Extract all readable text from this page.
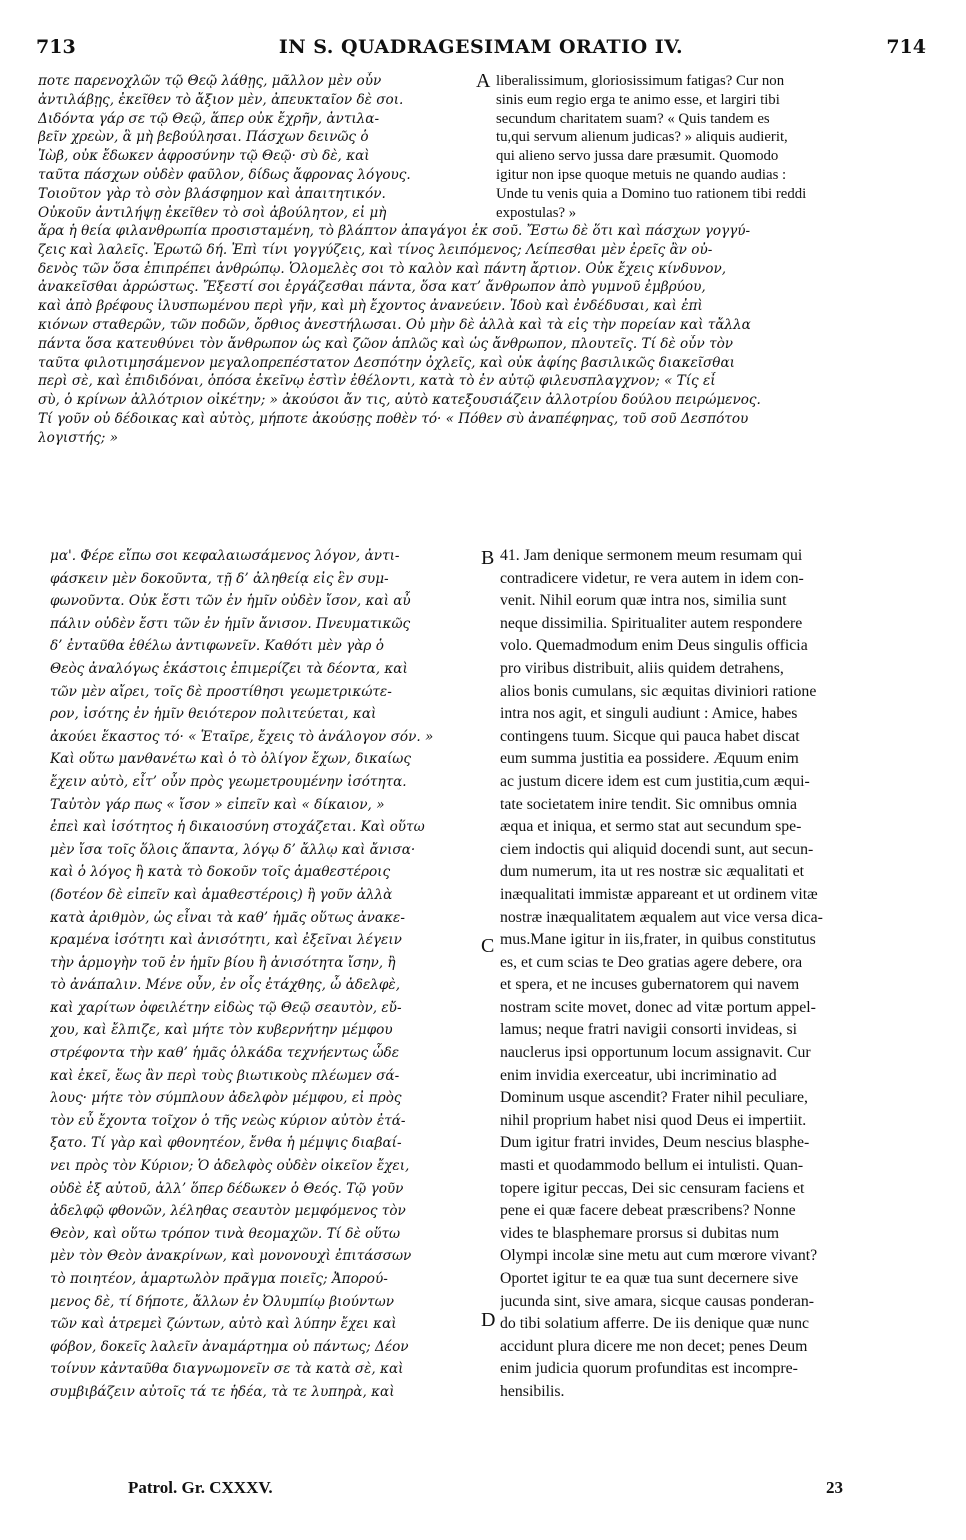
713	IN S. QUADRAGESIMAM ORATIO IV.	714
ποτε παρενοχλῶν τῷ Θεῷ λάθῃς, μᾶλλον μὲν οὖν
ἀντιλάβῃς, ἐκεῖθεν τὸ ἄξιον μὲν, ἀπευκταῖον δὲ σοι.
Διδόντα γάρ σε τῷ Θεῷ, ἅπερ οὐκ ἔχρῆν, ἀντιλα-
βεῖν χρεὼν, ἃ μὴ βεβούλησαι. Πάσχων δεινῶς ὁ
Ἰὼβ, οὐκ ἔδωκεν ἀφροσύνην τῷ Θεῷ· σὺ δὲ, καὶ
ταῦτα πάσχων οὐδὲν φαῦλον, δίδως ἄφρονας λόγους.
Τοιοῦτον γὰρ τὸ σὸν βλάσφημον καὶ ἀπαιτητικόν.
Οὐκοῦν ἀντιλήψῃ ἐκεῖθεν τὸ σοὶ ἀβούλητον, εἰ μὴ
liberalissimum, gloriosissimum fatigas? Cur non
sinis eum regio erga te animo esse, et largiri tibi
secundum charitatem suam? « Quis tandem es
tu,qui servum alienum judicas? » aliquis audierit,
qui alieno servo jussa dare præsumit. Quomodo
igitur non ipse quoque metuis ne quando audias :
Unde tu venis quia a Domino tuo rationem tibi reddi
expostulas? »
ἄρα ἡ θεία φιλανθρωπία προσισταμένη, τὸ βλάπτον ἀπαγάγοι ἐκ σοῦ. Ἔστω δὲ ὅτι καὶ πάσχων γογγύ-
ζεις καὶ λαλεῖς. Ἐρωτῶ δή. Ἐπὶ τίνι γογγύζεις, καὶ τίνος λειπόμενος; Λείπεσθαι μὲν ἐρεῖς ἂν οὐ-
δενὸς τῶν ὅσα ἐπιπρέπει ἀνθρώπῳ. Ὁλομελὲς σοι τὸ καλὸν καὶ πάντη ἄρτιον. Οὐκ ἔχεις κίνδυνον,
ἀνακεῖσθαι ἀρρώστως. Ἔξεστί σοι ἐργάζεσθαι πάντα, ὅσα κατ’ ἄνθρωπον ἀπὸ γυμνοῦ ἐμβρύου,
καὶ ἀπὸ βρέφους ἰλυσπωμένου περὶ γῆν, καὶ μὴ ἔχοντος ἀνανεύειν. Ἰδοὺ καὶ ἐνδέδυσαι, καὶ ἐπὶ
κιόνων σταθερῶν, τῶν ποδῶν, ὄρθιος ἀνεστήλωσαι. Οὐ μὴν δὲ ἀλλὰ καὶ τὰ εἰς τὴν πορείαν καὶ τἄλλα
πάντα ὅσα κατευθύνει τὸν ἄνθρωπον ὡς καὶ ζῶον ἁπλῶς καὶ ὡς ἄνθρωπον, πλουτεῖς. Τί δὲ οὖν τὸν
ταῦτα φιλοτιμησάμενον μεγαλοπρεπέστατον Δεσπότην ὀχλεῖς, καὶ οὐκ ἀφίης βασιλικῶς διακεῖσθαι
περὶ σὲ, καὶ ἐπιδιδόναι, ὁπόσα ἐκεῖνῳ ἐστὶν ἐθέλοντι, κατὰ τὸ ἐν αὐτῷ φιλευσπλαγχνον; « Τίς εἶ
σὺ, ὁ κρίνων ἀλλότριον οἰκέτην; » ἀκούσοι ἄν τις, αὐτὸ κατεξουσιάζειν ἀλλοτρίου δούλου πειρώμενος.
Τί γοῦν οὐ δέδοικας καὶ αὐτὸς, μήποτε ἀκούσῃς ποθὲν τό· « Πόθεν σὺ ἀναπέφηνας, τοῦ σοῦ Δεσπότου
λογιστής; »
μα'. Φέρε εἴπω σοι κεφαλαιωσάμενος λόγον, ἀντι-
φάσκειν μὲν δοκοῦντα, τῇ δ’ ἀληθείᾳ εἰς ἓν συμ-
φωνοῦντα. Οὐκ ἔστι τῶν ἐν ἡμῖν οὐδὲν ἴσον, καὶ αὖ
πάλιν οὐδὲν ἔστι τῶν ἐν ἡμῖν ἄνισον. Πνευματικῶς
δ’ ἐνταῦθα ἐθέλω ἀντιφωνεῖν. Καθότι μὲν γὰρ ὁ
Θεὸς ἀναλόγως ἑκάστοις ἐπιμερίζει τὰ δέοντα, καὶ
τῶν μὲν αἴρει, τοῖς δὲ προστίθησι γεωμετρικώτε-
ρον, ἰσότης ἐν ἡμῖν θειότερον πολιτεύεται, καὶ
ἀκούει ἕκαστος τό· « Ἑταῖρε, ἔχεις τὸ ἀνάλογον σόν. »
Καὶ οὕτω μανθανέτω καὶ ὁ τὸ ὀλίγον ἔχων, δικαίως
ἔχειν αὐτὸ, εἶτ’ οὖν πρὸς γεωμετρουμένην ἰσότητα.
Ταὐτὸν γάρ πως « ἴσον » εἰπεῖν καὶ « δίκαιον, »
ἐπεὶ καὶ ἰσότητος ἡ δικαιοσύνη στοχάζεται. Καὶ οὕτω
μὲν ἴσα τοῖς ὅλοις ἅπαντα, λόγῳ δ’ ἄλλῳ καὶ ἄνισα·
καὶ ὁ λόγος ἢ κατὰ τὸ δοκοῦν τοῖς ἀμαθεστέροις
(δοτέον δὲ εἰπεῖν καὶ ἀμαθεστέροις) ἢ γοῦν ἀλλὰ
κατὰ ἀριθμὸν, ὡς εἶναι τὰ καθ’ ἡμᾶς οὕτως ἀνακε-
κραμένα ἰσότητι καὶ ἀνισότητι, καὶ ἐξεῖναι λέγειν
τὴν ἁρμογὴν τοῦ ἐν ἡμῖν βίου ἢ ἀνισότητα ἴσην, ἢ
τὸ ἀνάπαλιν. Μένε οὖν, ἐν οἷς ἐτάχθης, ὦ ἀδελφὲ,
καὶ χαρίτων ὀφειλέτην εἰδὼς τῷ Θεῷ σεαυτὸν, εὔ-
χου, καὶ ἔλπιζε, καὶ μήτε τὸν κυβερνήτην μέμφου
στρέφοντα τὴν καθ’ ἡμᾶς ὁλκάδα τεχνήεντως ὧδε
καὶ ἐκεῖ, ἕως ἂν περὶ τοὺς βιωτικοὺς πλέωμεν σά-
λους· μήτε τὸν σύμπλουν ἀδελφὸν μέμφου, εἰ πρὸς
τὸν εὖ ἔχοντα τοῖχον ὁ τῆς νεὼς κύριον αὐτὸν ἐτά-
ξατο. Τί γὰρ καὶ φθονητέον, ἔνθα ἡ μέμψις διαβαί-
νει πρὸς τὸν Κύριον; Ὁ ἀδελφὸς οὐδὲν οἰκεῖον ἔχει,
οὐδὲ ἐξ αὐτοῦ, ἀλλ’ ὅπερ δέδωκεν ὁ Θεός. Τῷ γοῦν
ἀδελφῷ φθονῶν, λέληθας σεαυτὸν μεμφόμενος τὸν
Θεὸν, καὶ οὕτω τρόπον τινὰ θεομαχῶν. Τί δὲ οὕτω
μὲν τὸν Θεὸν ἀνακρίνων, καὶ μονονουχὶ ἐπιτάσσων
τὸ ποιητέον, ἁμαρτωλὸν πρᾶγμα ποιεῖς; Ἀπορού-
μενος δὲ, τί δήποτε, ἄλλων ἐν Ὀλυμπίῳ βιούντων
τῶν καὶ ἀτρεμεὶ ζώντων, αὐτὸ καὶ λύπην ἔχει καὶ
φόβον, δοκεῖς λαλεῖν ἀναμάρτημα οὐ πάντως; Δέον
τοίνυν κἀνταῦθα διαγνωμονεῖν σε τὰ κατὰ σὲ, καὶ
συμβιβάζειν αὐτοῖς τά τε ἡδέα, τὰ τε λυπηρὰ, καὶ
41. Jam denique sermonem meum resumam qui
contradicere videtur, re vera autem in idem con-
venit. Nihil eorum quæ intra nos, similia sunt
neque dissimilia. Spiritualiter autem respondere
volo. Quemadmodum enim Deus singulis officia
pro viribus distribuit, aliis quidem detrahens,
alios bonis cumulans, sic æquitas diviniori ratione
intra nos agit, et singuli audiunt : Amice, habes
contingens tuum. Sicque qui pauca habet discat
eum summa justitia ea possidere. Æquum enim
ac justum dicere idem est cum justitia,cum æqui-
tate societatem inire tendit. Sic omnibus omnia
æqua et iniqua, et sermo stat aut secundum spe-
ciem indoctis qui aliquid docendi sunt, aut secun-
dum numerum, ita ut res nostræ sic æqualitati et
inæqualitati immistæ appareant et ut ordinem vitæ
nostræ inæqualitatem æqualem aut vice versa dica-
mus.Mane igitur in iis,frater, in quibus constitutus
es, et cum scias te Deo gratias agere debere, ora
et spera, et ne incuses gubernatorem qui navem
nostram scite movet, donec ad vitæ portum appel-
lamus; neque fratri navigii consorti invideas, si
nauclerus ipsi opportunum locum assignavit. Cur
enim invidia exerceatur, ubi incriminatio ad
Dominum usque ascendit? Frater nihil peculiare,
nihil proprium habet nisi quod Deus ei impertiit.
Dum igitur fratri invides, Deum nescius blasphe-
masti et quodammodo bellum ei intulisti. Quan-
topere igitur peccas, Dei sic censuram faciens et
pene ei quæ facere debeat præscribens? Nonne
vides te blasphemare prorsus si dubitas num
Olympi incolæ sine metu aut cum mœrore vivant?
Oportet igitur te ea quæ tua sunt decernere sive
jucunda sint, sive amara, sicque causas ponderan-
do tibi solatium afferre. De iis denique quæ nunc
accidunt plura dicere me non decet; penes Deum
enim judicia quorum profunditas est incompre-
hensibilis.
A
B
C
D
Patrol. Gr. CXXXV.	23
